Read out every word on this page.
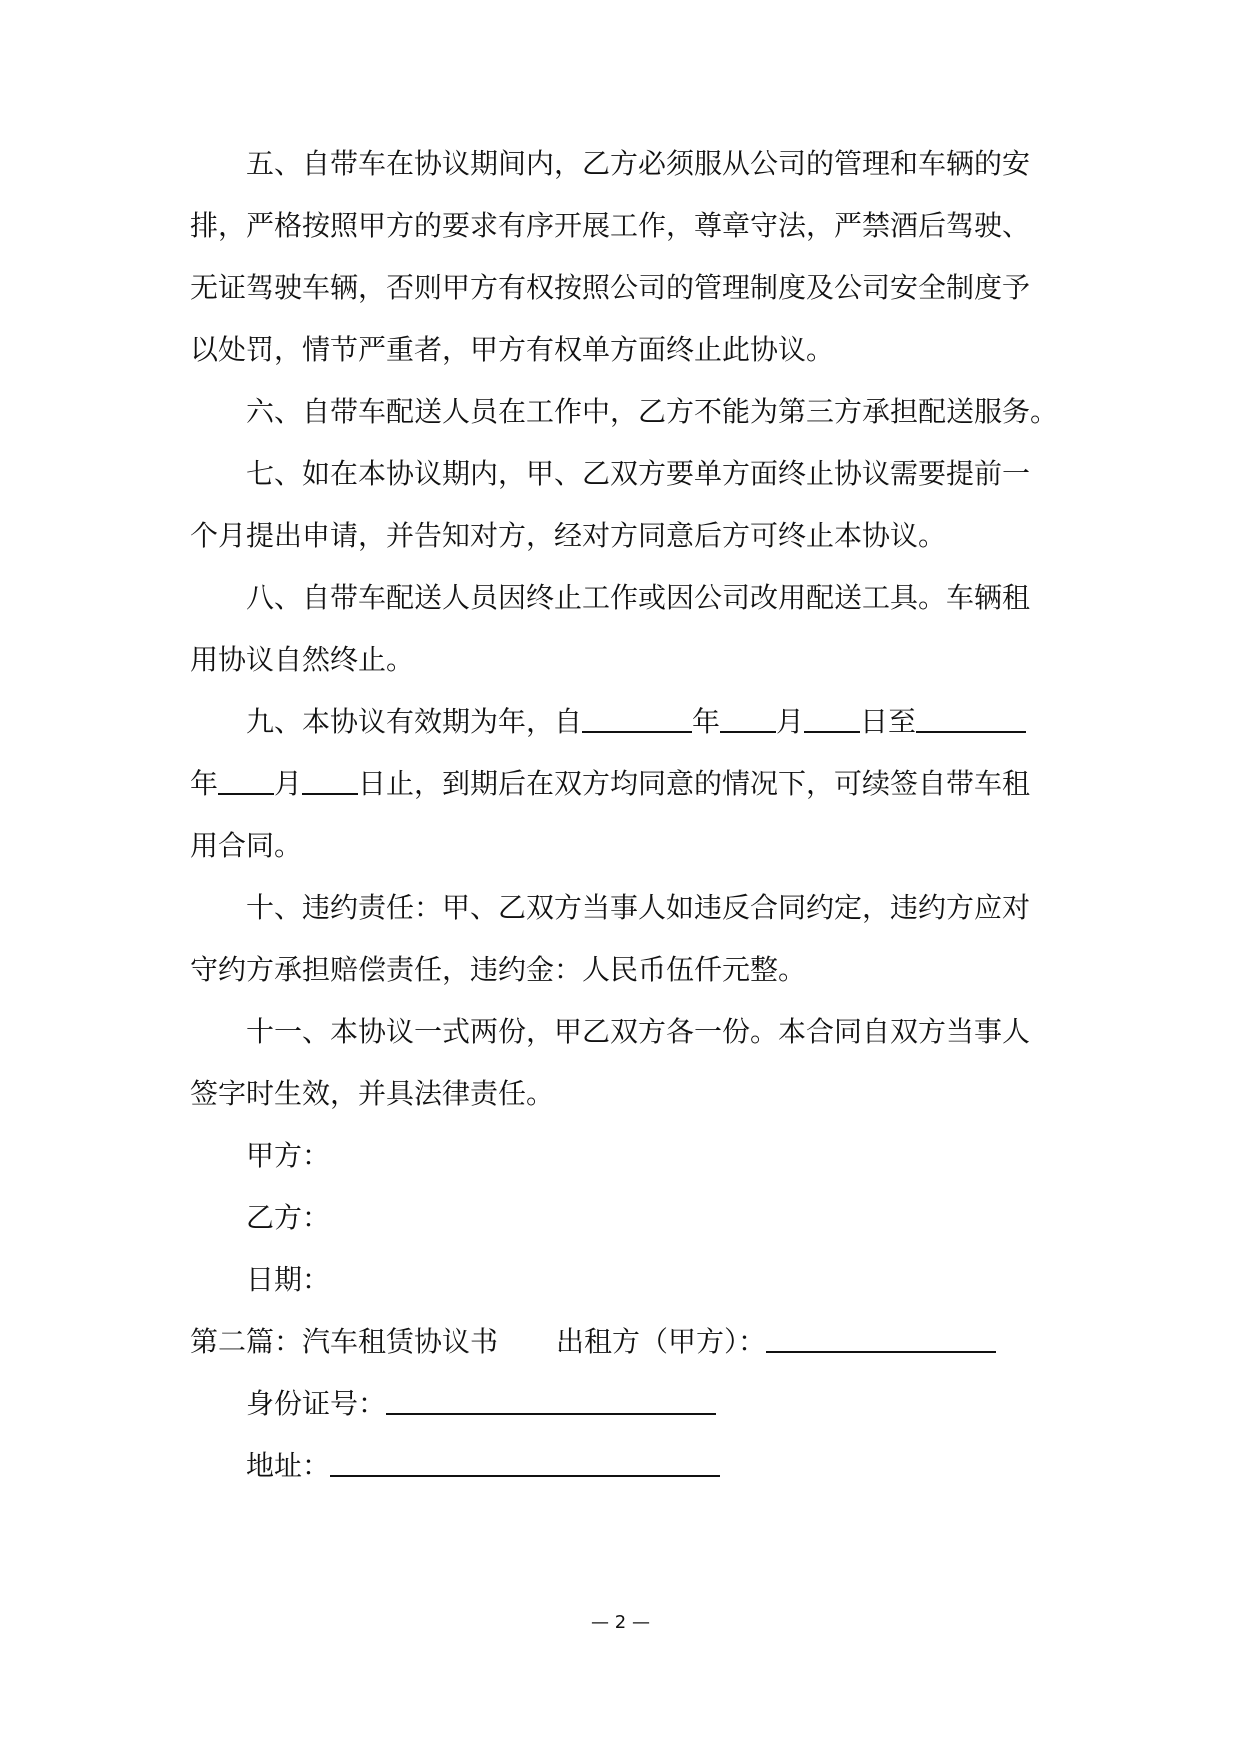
五、自带车在协议期间内，乙方必须服从公司的管理和车辆的安
排，严格按照甲方的要求有序开展工作，尊章守法，严禁酒后驾驶、
无证驾驶车辆，否则甲方有权按照公司的管理制度及公司安全制度予
以处罚，情节严重者，甲方有权单方面终止此协议。
六、自带车配送人员在工作中，乙方不能为第三方承担配送服务。
七、如在本协议期内，甲、乙双方要单方面终止协议需要提前一
个月提出申请，并告知对方，经对方同意后方可终止本协议。
八、自带车配送人员因终止工作或因公司改用配送工具。车辆租
用协议自然终止。
九、本协议有效期为年，自	年 月 日至
年 月 日止，到期后在双方均同意的情况下，可续签自带车租
用合同。
十、违约责任：甲、乙双方当事人如违反合同约定，违约方应对
守约方承担赔偿责任，违约金：人民币伍仟元整。
十一、本协议一式两份，甲乙双方各一份。本合同自双方当事人
签字时生效，并具法律责任。
甲方：
乙方：
日期：
第二篇：汽车租赁协议书 出租方（甲方）：
身份证号：
地址：
— 2 —
